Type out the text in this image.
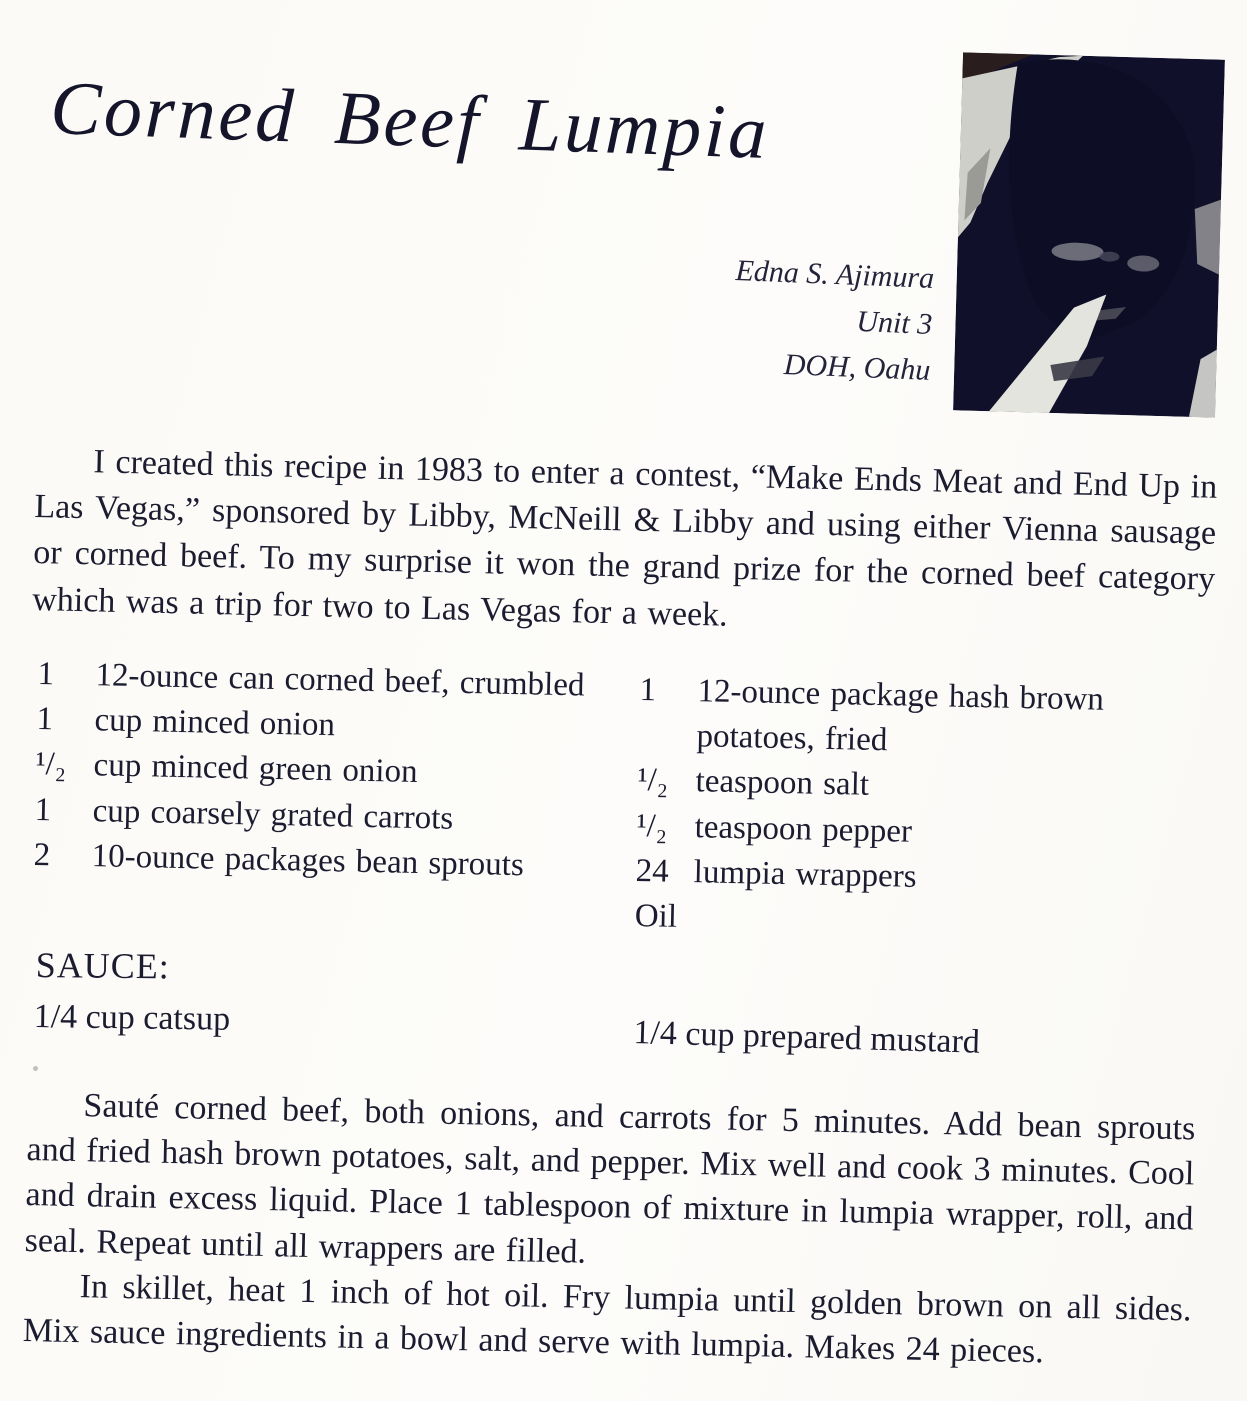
Corned Beef Lumpia
Edna S. Ajimura
Unit 3
DOH, Oahu

I created this recipe in 1983 to enter a contest, “Make Ends Meat and End Up in Las Vegas,” sponsored by Libby, McNeill & Libby and using either Vienna sausage or corned beef. To my surprise it won the grand prize for the corned beef category which was a trip for two to Las Vegas for a week.

1	12-ounce can corned beef, crumbled
1	cup minced onion
¹/₂ cup minced green onion
1	cup coarsely grated carrots
2	10-ounce packages bean sprouts
1	12-ounce package hash brown potatoes, fried
¹/₂ teaspoon salt
¹/₂ teaspoon pepper
24 lumpia wrappers
Oil
SAUCE:
1/4 cup catsup	1/4 cup prepared mustard

Sauté corned beef, both onions, and carrots for 5 minutes. Add bean sprouts and fried hash brown potatoes, salt, and pepper. Mix well and cook 3 minutes. Cool and drain excess liquid. Place 1 tablespoon of mixture in lumpia wrapper, roll, and seal. Repeat until all wrappers are filled.

In skillet, heat 1 inch of hot oil. Fry lumpia until golden brown on all sides. Mix sauce ingredients in a bowl and serve with lumpia. Makes 24 pieces.
